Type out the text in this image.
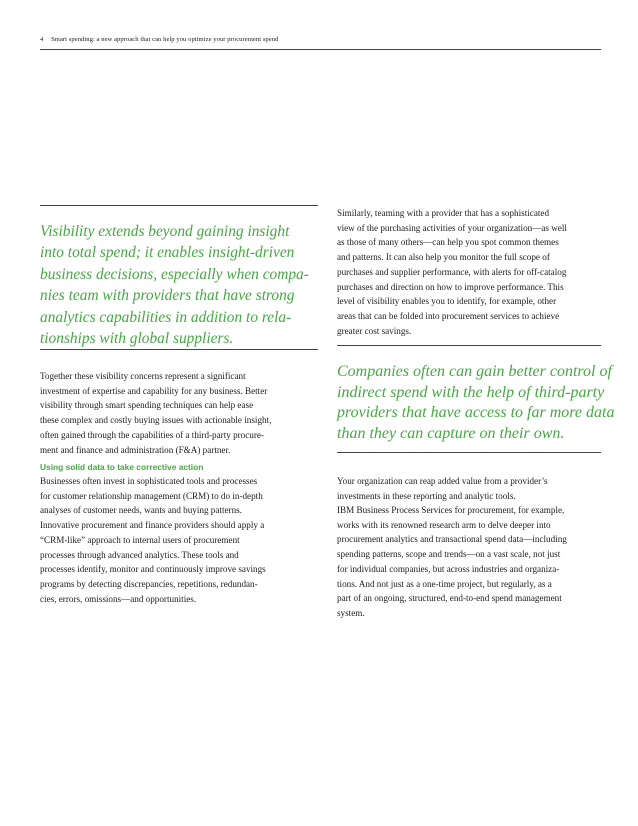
4 Smart spending: a new approach that can help you optimize your procurement spend
Visibility extends beyond gaining insight
into total spend; it enables insight-driven
business decisions, especially when compa-
nies team with providers that have strong
analytics capabilities in addition to rela-
tionships with global suppliers.
Together these visibility concerns represent a significant
investment of expertise and capability for any business. Better
visibility through smart spending techniques can help ease
these complex and costly buying issues with actionable insight,
often gained through the capabilities of a third-party procure-
ment and finance and administration (F&A) partner.
Using solid data to take corrective action
Businesses often invest in sophisticated tools and processes
for customer relationship management (CRM) to do in-depth
analyses of customer needs, wants and buying patterns.
Innovative procurement and finance providers should apply a
“CRM-like” approach to internal users of procurement
processes through advanced analytics. These tools and
processes identify, monitor and continuously improve savings
programs by detecting discrepancies, repetitions, redundan-
cies, errors, omissions—and opportunities.
Similarly, teaming with a provider that has a sophisticated
view of the purchasing activities of your organization—as well
as those of many others—can help you spot common themes
and patterns. It can also help you monitor the full scope of
purchases and supplier performance, with alerts for off-catalog
purchases and direction on how to improve performance. This
level of visibility enables you to identify, for example, other
areas that can be folded into procurement services to achieve
greater cost savings.
Companies often can gain better control of
indirect spend with the help of third-party
providers that have access to far more data
than they can capture on their own.
Your organization can reap added value from a provider’s
investments in these reporting and analytic tools.
IBM Business Process Services for procurement, for example,
works with its renowned research arm to delve deeper into
procurement analytics and transactional spend data—including
spending patterns, scope and trends—on a vast scale, not just
for individual companies, but across industries and organiza-
tions. And not just as a one-time project, but regularly, as a
part of an ongoing, structured, end-to-end spend management
system.
